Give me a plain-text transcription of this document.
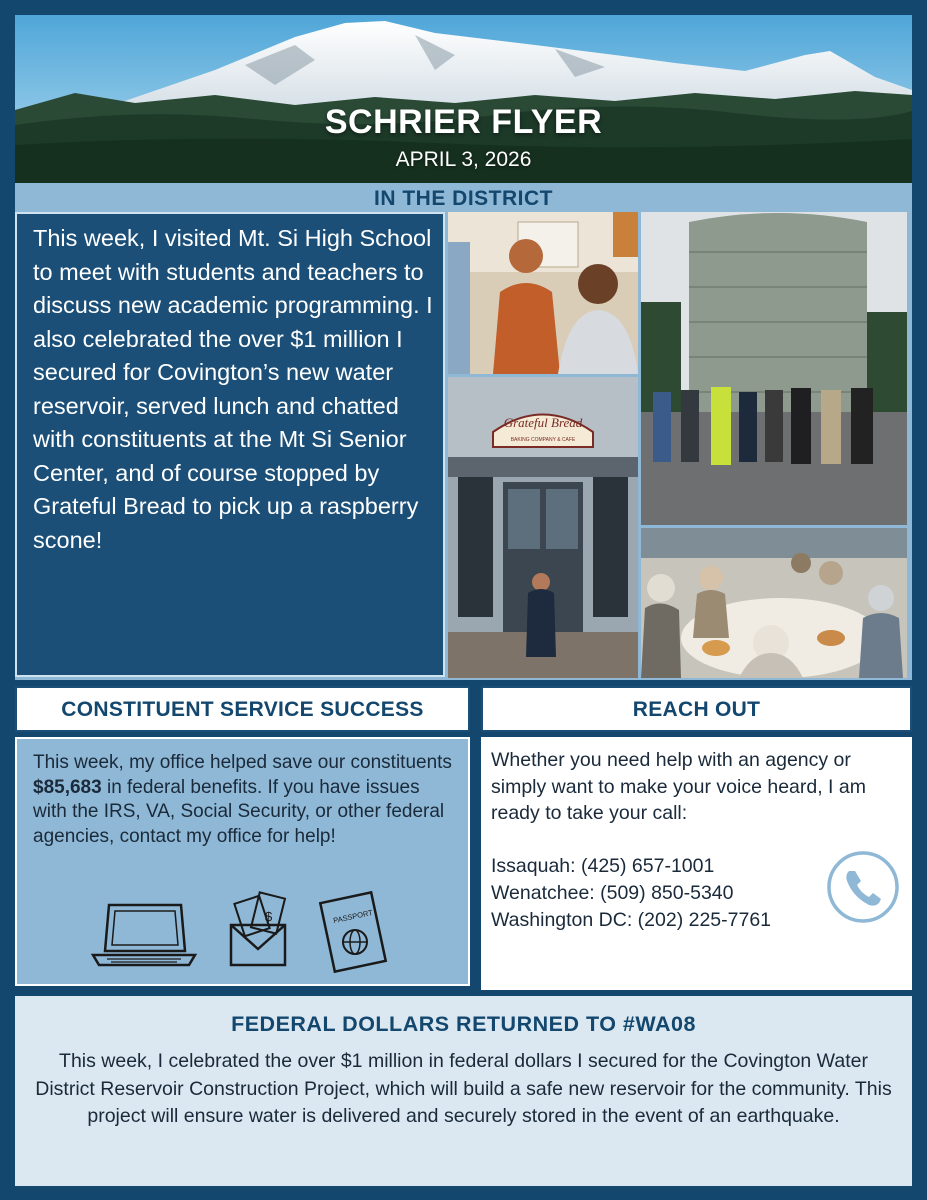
SCHRIER FLYER
APRIL 3, 2026
IN THE DISTRICT
This week, I visited Mt. Si High School to meet with students and teachers to discuss new academic programming. I also celebrated the over $1 million I secured for Covington’s new water reservoir, served lunch and chatted with constituents at the Mt Si Senior Center, and of course stopped by Grateful Bread to pick up a raspberry scone!
Grateful Bread
BAKING COMPANY & CAFE
CONSTITUENT SERVICE SUCCESS
This week, my office helped save our constituents $85,683 in federal benefits. If you have issues with the IRS, VA, Social Security, or other federal agencies, contact my office for help!
$	PASSPORT
REACH OUT
Whether you need help with an agency or simply want to make your voice heard, I am ready to take your call:
Issaquah: (425) 657-1001
Wenatchee: (509) 850-5340
Washington DC: (202) 225-7761
FEDERAL DOLLARS RETURNED TO #WA08
This week, I celebrated the over $1 million in federal dollars I secured for the Covington Water District Reservoir Construction Project, which will build a safe new reservoir for the community. This project will ensure water is delivered and securely stored in the event of an earthquake.
